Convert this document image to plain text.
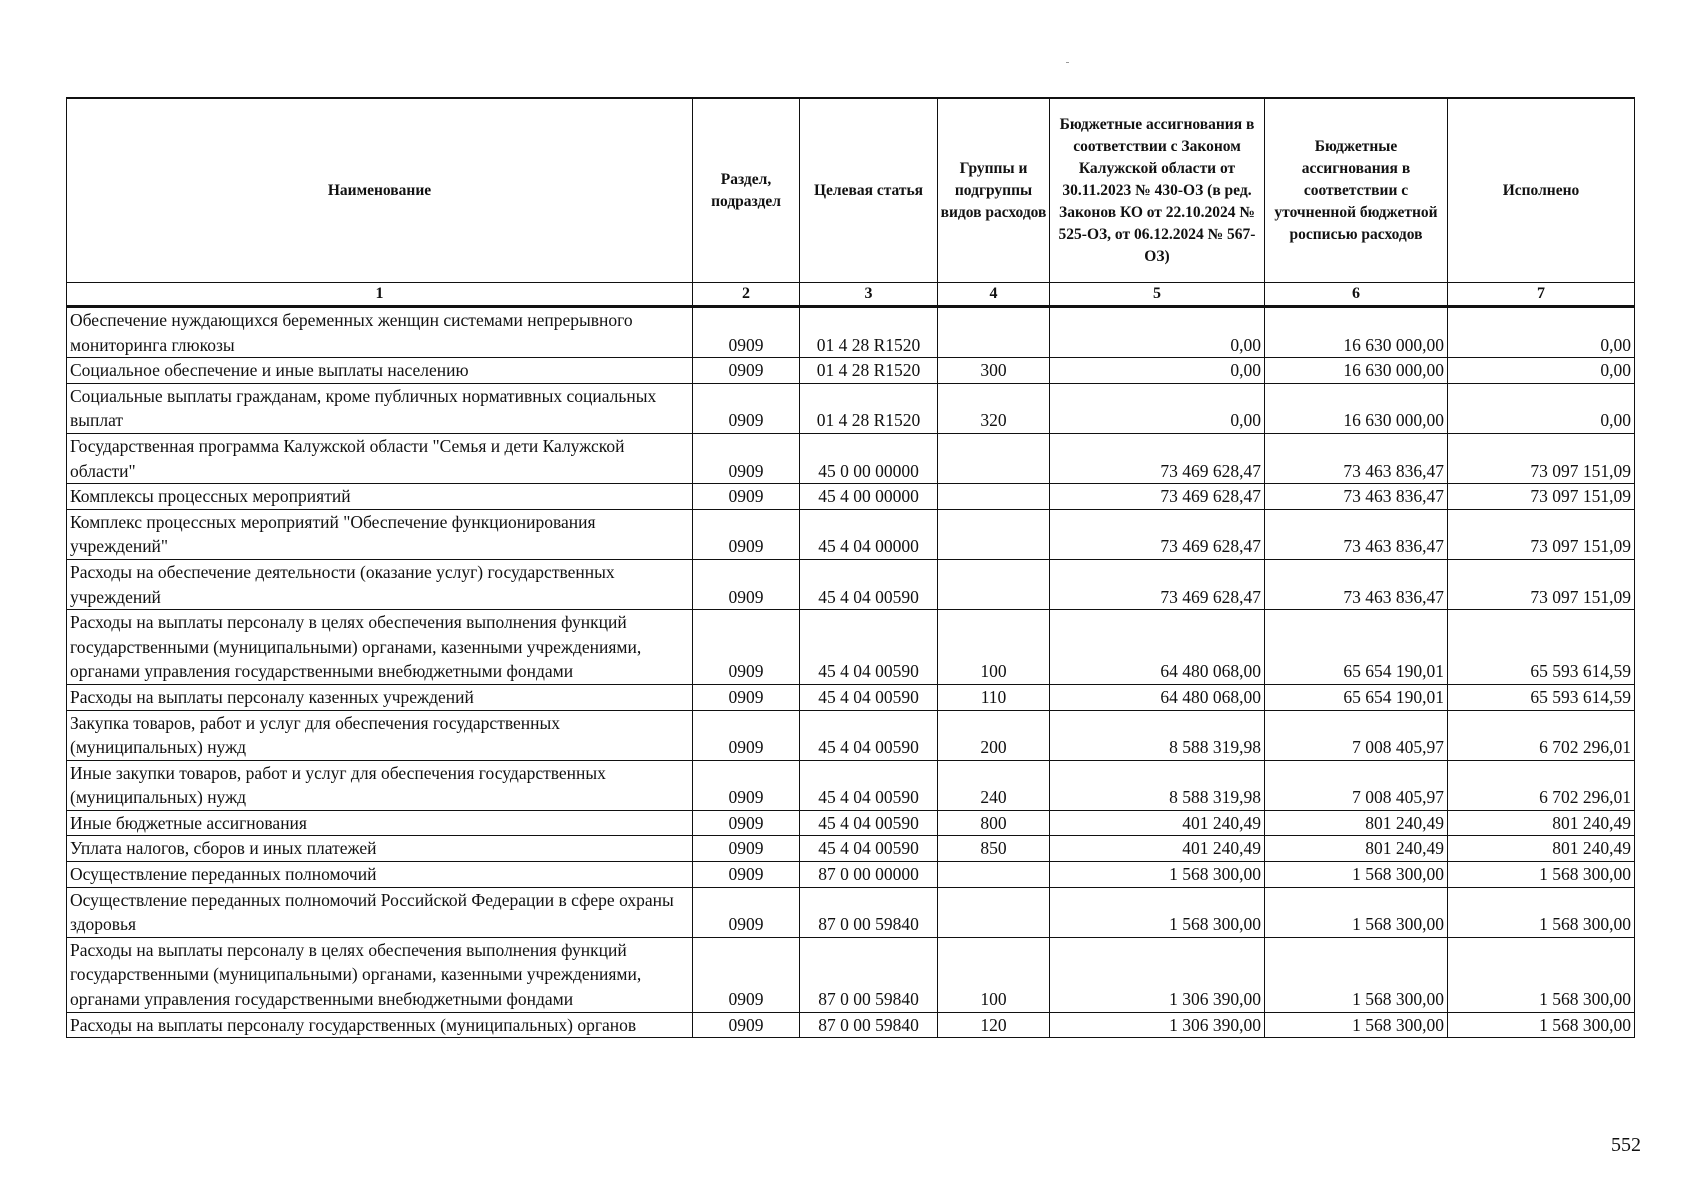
Наименование	Раздел, подраздел	Целевая статья	Группы и подгруппы видов расходов	Бюджетные ассигнования в соответствии с Законом Калужской области от 30.11.2023 № 430-ОЗ (в ред. Законов КО от 22.10.2024 № 525-ОЗ, от 06.12.2024 № 567-ОЗ)	Бюджетные ассигнования в соответствии с уточненной бюджетной росписью расходов	Исполнено
1	2	3	4	5	6	7
Обеспечение нуждающихся беременных женщин системами непрерывного мониторинга глюкозы	0909	01 4 28 R1520		0,00	16 630 000,00	0,00
Социальное обеспечение и иные выплаты населению	0909	01 4 28 R1520	300	0,00	16 630 000,00	0,00
Социальные выплаты гражданам, кроме публичных нормативных социальных выплат	0909	01 4 28 R1520	320	0,00	16 630 000,00	0,00
Государственная программа Калужской области "Семья и дети Калужской области"	0909	45 0 00 00000		73 469 628,47	73 463 836,47	73 097 151,09
Комплексы процессных мероприятий	0909	45 4 00 00000		73 469 628,47	73 463 836,47	73 097 151,09
Комплекс процессных мероприятий "Обеспечение функционирования учреждений"	0909	45 4 04 00000		73 469 628,47	73 463 836,47	73 097 151,09
Расходы на обеспечение деятельности (оказание услуг) государственных учреждений	0909	45 4 04 00590		73 469 628,47	73 463 836,47	73 097 151,09
Расходы на выплаты персоналу в целях обеспечения выполнения функций государственными (муниципальными) органами, казенными учреждениями, органами управления государственными внебюджетными фондами	0909	45 4 04 00590	100	64 480 068,00	65 654 190,01	65 593 614,59
Расходы на выплаты персоналу казенных учреждений	0909	45 4 04 00590	110	64 480 068,00	65 654 190,01	65 593 614,59
Закупка товаров, работ и услуг для обеспечения государственных (муниципальных) нужд	0909	45 4 04 00590	200	8 588 319,98	7 008 405,97	6 702 296,01
Иные закупки товаров, работ и услуг для обеспечения государственных (муниципальных) нужд	0909	45 4 04 00590	240	8 588 319,98	7 008 405,97	6 702 296,01
Иные бюджетные ассигнования	0909	45 4 04 00590	800	401 240,49	801 240,49	801 240,49
Уплата налогов, сборов и иных платежей	0909	45 4 04 00590	850	401 240,49	801 240,49	801 240,49
Осуществление переданных полномочий	0909	87 0 00 00000		1 568 300,00	1 568 300,00	1 568 300,00
Осуществление переданных полномочий Российской Федерации в сфере охраны здоровья	0909	87 0 00 59840		1 568 300,00	1 568 300,00	1 568 300,00
Расходы на выплаты персоналу в целях обеспечения выполнения функций государственными (муниципальными) органами, казенными учреждениями, органами управления государственными внебюджетными фондами	0909	87 0 00 59840	100	1 306 390,00	1 568 300,00	1 568 300,00
Расходы на выплаты персоналу государственных (муниципальных) органов	0909	87 0 00 59840	120	1 306 390,00	1 568 300,00	1 568 300,00
552
